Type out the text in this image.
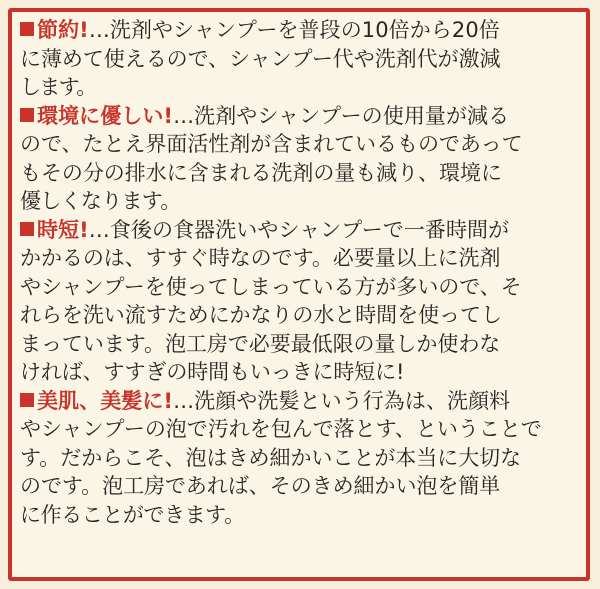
節約!…洗剤やシャンプーを普段の10倍から20倍
に薄めて使えるので、シャンプー代や洗剤代が激減
します。
環境に優しい!…洗剤やシャンプーの使用量が減る
ので、たとえ界面活性剤が含まれているものであって
もその分の排水に含まれる洗剤の量も減り、環境に
優しくなります。
時短!…食後の食器洗いやシャンプーで一番時間が
かかるのは、すすぐ時なのです。必要量以上に洗剤
やシャンプーを使ってしまっている方が多いので、そ
れらを洗い流すためにかなりの水と時間を使ってし
まっています。泡工房で必要最低限の量しか使わな
ければ、すすぎの時間もいっきに時短に!
美肌、美髪に!…洗顔や洗髪という行為は、洗顔料
やシャンプーの泡で汚れを包んで落とす、ということで
す。だからこそ、泡はきめ細かいことが本当に大切な
のです。泡工房であれば、そのきめ細かい泡を簡単
に作ることができます。
